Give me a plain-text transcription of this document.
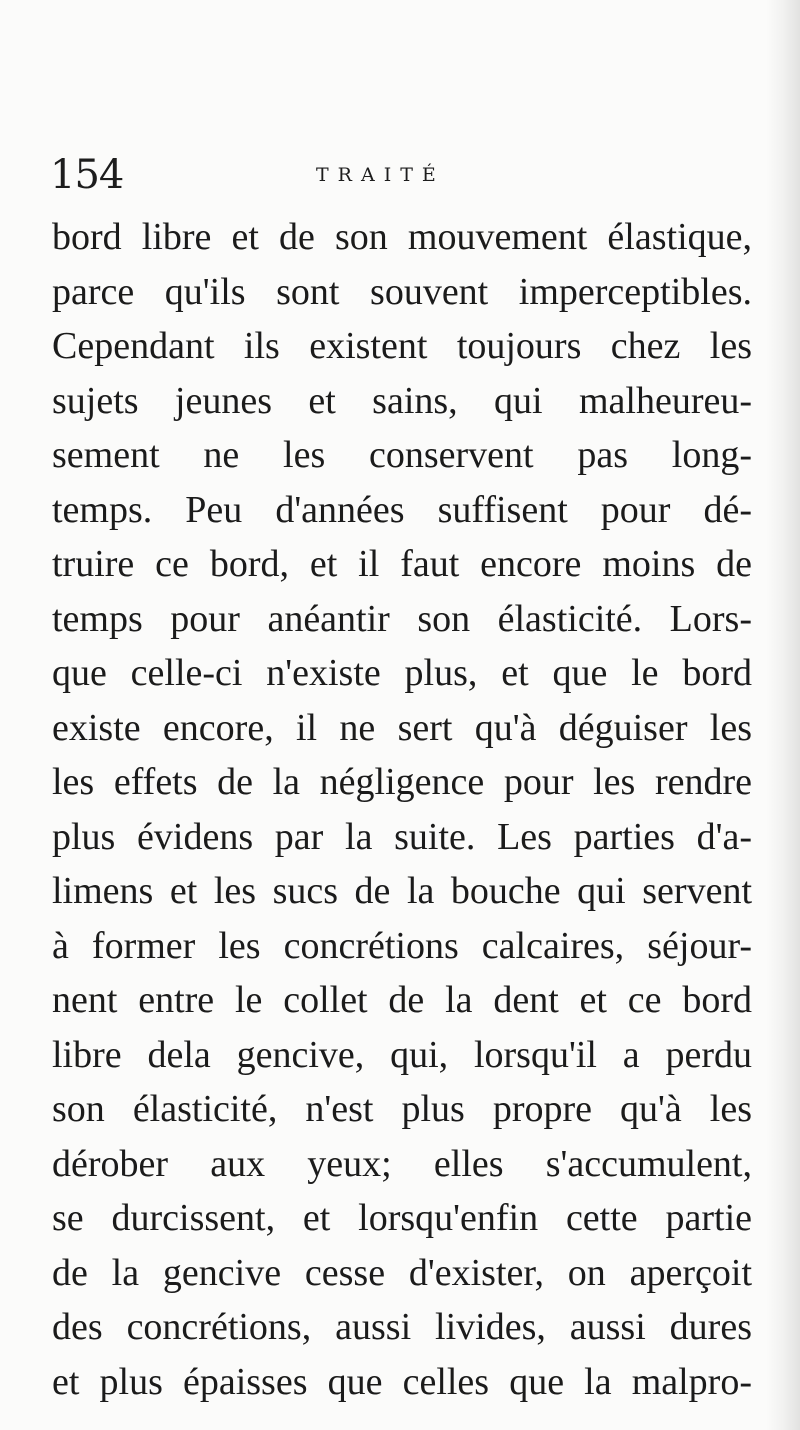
154	TRAITÉ
bord libre et de son mouvement élastique,
parce qu'ils sont souvent imperceptibles.
Cependant ils existent toujours chez les
sujets jeunes et sains, qui malheureu-
sement ne les conservent pas long-
temps. Peu d'années suffisent pour dé-
truire ce bord, et il faut encore moins de
temps pour anéantir son élasticité. Lors-
que celle-ci n'existe plus, et que le bord
existe encore, il ne sert qu'à déguiser les
les effets de la négligence pour les rendre
plus évidens par la suite. Les parties d'a-
limens et les sucs de la bouche qui servent
à former les concrétions calcaires, séjour-
nent entre le collet de la dent et ce bord
libre dela gencive, qui, lorsqu'il a perdu
son élasticité, n'est plus propre qu'à les
dérober aux yeux; elles s'accumulent,
se durcissent, et lorsqu'enfin cette partie
de la gencive cesse d'exister, on aperçoit
des concrétions, aussi livides, aussi dures
et plus épaisses que celles que la malpro-
